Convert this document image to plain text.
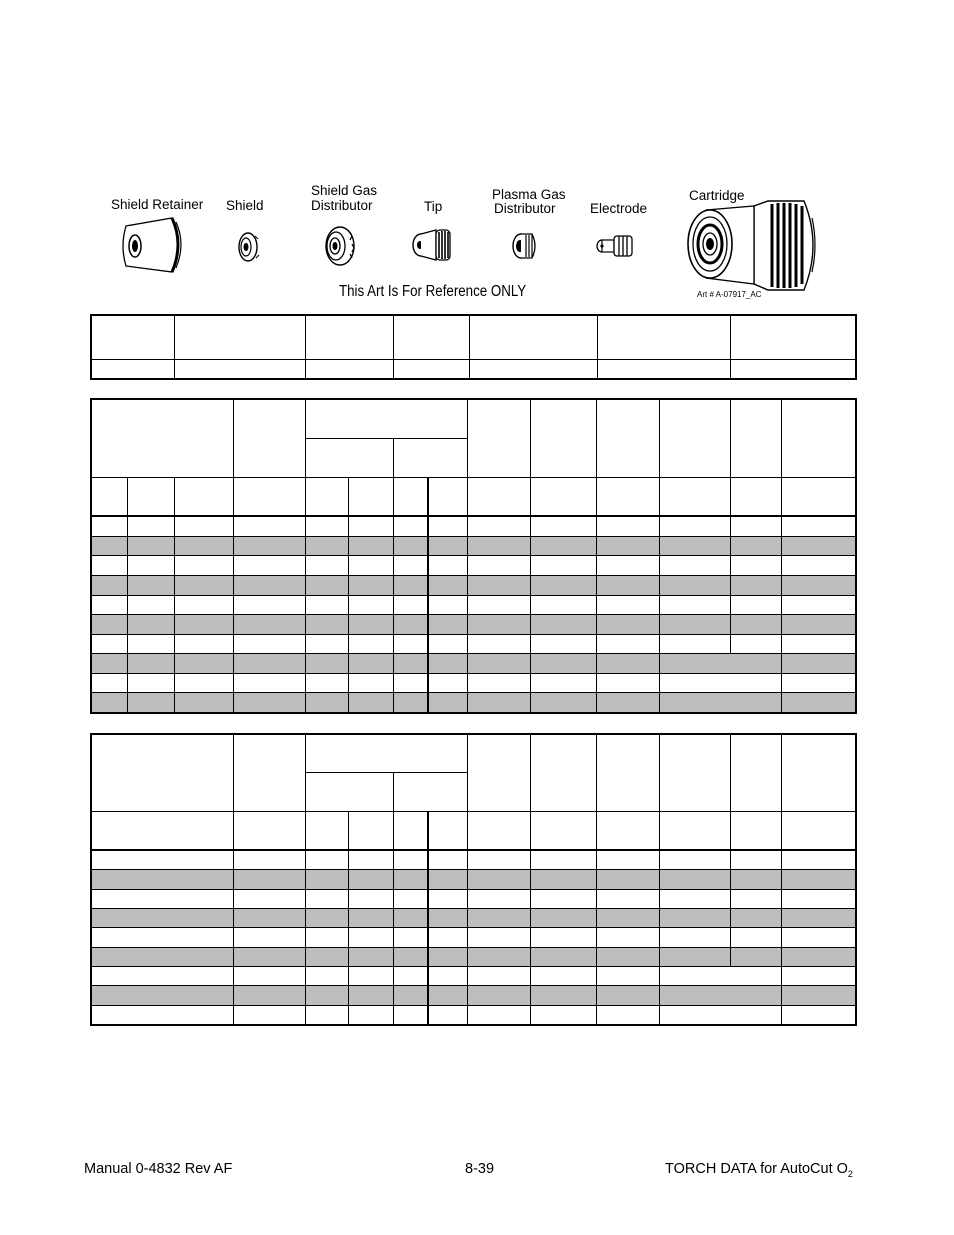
Shield Retainer Shield
Shield Gas
Distributor	Tip
Plasma Gas
Distributor	Electrode
Cartridge
This Art Is For Reference ONLY	Art # A-07917_AC

Manual 0-4832 Rev AF	8-39	TORCH DATA for AutoCut $O_2$
